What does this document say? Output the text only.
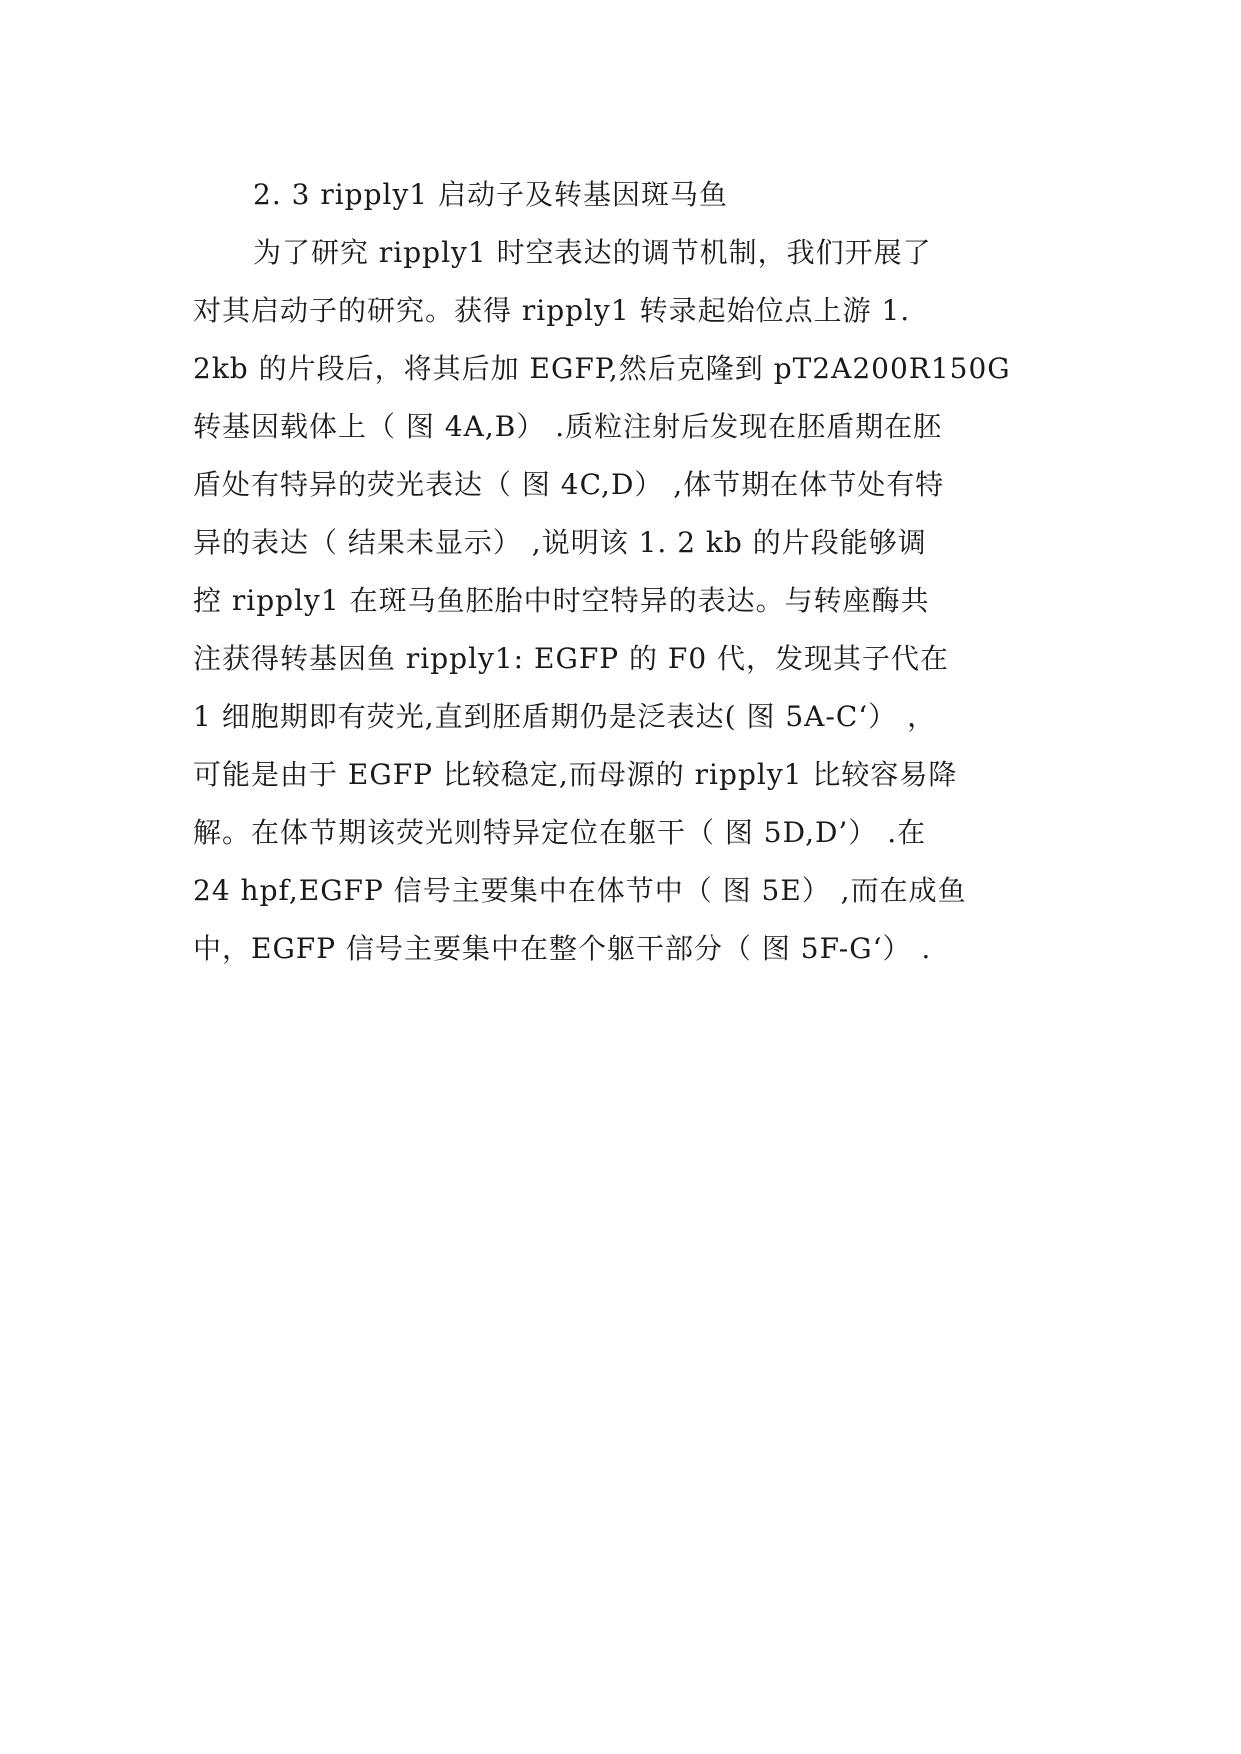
2. 3 ripply1 启动子及转基因斑马鱼
为了研究 ripply1 时空表达的调节机制，我们开展了
对其启动子的研究。获得 ripply1 转录起始位点上游 1.
2kb 的片段后，将其后加 EGFP,然后克隆到 pT2A200R150G
转基因载体上（ 图 4A,B） .质粒注射后发现在胚盾期在胚
盾处有特异的荧光表达（ 图 4C,D） ,体节期在体节处有特
异的表达（ 结果未显示） ,说明该 1. 2 kb 的片段能够调
控 ripply1 在斑马鱼胚胎中时空特异的表达。与转座酶共
注获得转基因鱼 ripply1: EGFP 的 F0 代，发现其子代在
1 细胞期即有荧光,直到胚盾期仍是泛表达( 图 5A-C‘） ，
可能是由于 EGFP 比较稳定,而母源的 ripply1 比较容易降
解。在体节期该荧光则特异定位在躯干（ 图 5D,D’） .在
24 hpf,EGFP 信号主要集中在体节中（ 图 5E） ,而在成鱼
中，EGFP 信号主要集中在整个躯干部分（ 图 5F-G‘） .
